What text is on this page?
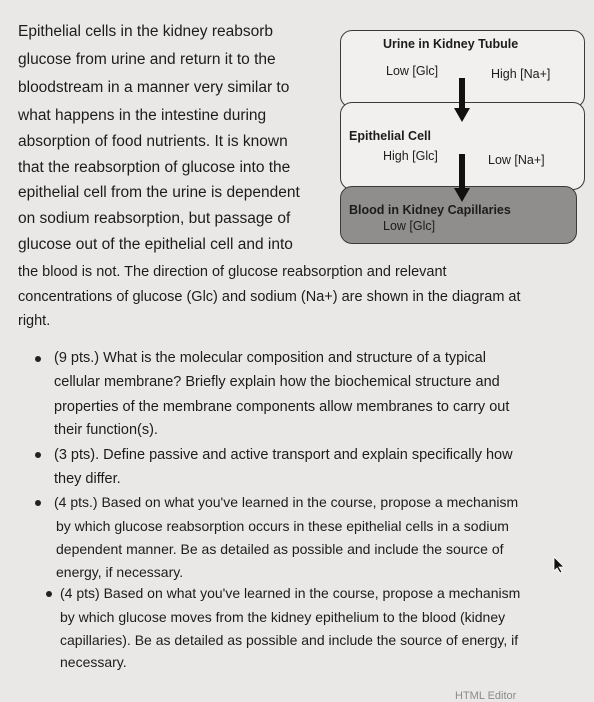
Epithelial cells in the kidney reabsorb
glucose from urine and return it to the
bloodstream in a manner very similar to
what happens in the intestine during
absorption of food nutrients. It is known
that the reabsorption of glucose into the
epithelial cell from the urine is dependent
on sodium reabsorption, but passage of
glucose out of the epithelial cell and into
the blood is not. The direction of glucose reabsorption and relevant
concentrations of glucose (Glc) and sodium (Na+) are shown in the diagram at
right.
Urine in Kidney Tubule
Low [Glc]	High [Na+]
Epithelial Cell
High [Glc]	Low [Na+]
Blood in Kidney Capillaries
Low [Glc]
(9 pts.) What is the molecular composition and structure of a typical
cellular membrane? Briefly explain how the biochemical structure and
properties of the membrane components allow membranes to carry out
their function(s).
(3 pts). Define passive and active transport and explain specifically how
they differ.
(4 pts.) Based on what you've learned in the course, propose a mechanism
by which glucose reabsorption occurs in these epithelial cells in a sodium
dependent manner. Be as detailed as possible and include the source of
energy, if necessary.
(4 pts) Based on what you've learned in the course, propose a mechanism
by which glucose moves from the kidney epithelium to the blood (kidney
capillaries). Be as detailed as possible and include the source of energy, if
necessary.
HTML Editor
